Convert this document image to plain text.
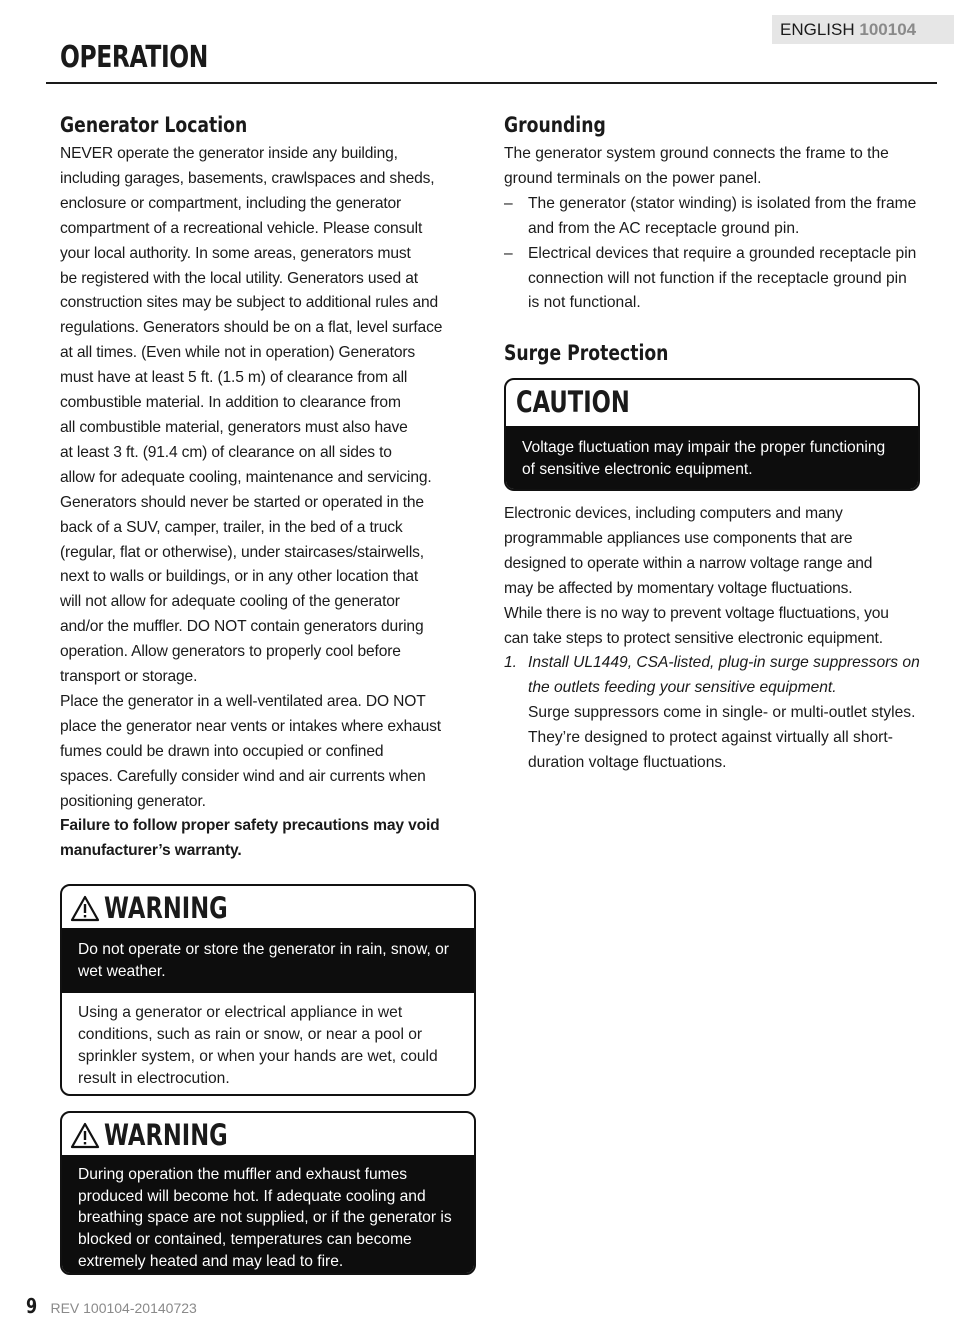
ENGLISH 100104
OPERATION
Generator Location

NEVER operate the generator inside any building,

including garages, basements, crawlspaces and sheds,

enclosure or compartment, including the generator

compartment of a recreational vehicle. Please consult

your local authority. In some areas, generators must

be registered with the local utility. Generators used at

construction sites may be subject to additional rules and

regulations. Generators should be on a flat, level surface

at all times. (Even while not in operation) Generators

must have at least 5 ft. (1.5 m) of clearance from all

combustible material. In addition to clearance from

all combustible material, generators must also have

at least 3 ft. (91.4 cm) of clearance on all sides to

allow for adequate cooling, maintenance and servicing.

Generators should never be started or operated in the

back of a SUV, camper, trailer, in the bed of a truck

(regular, flat or otherwise), under staircases/stairwells,

next to walls or buildings, or in any other location that

will not allow for adequate cooling of the generator

and/or the muffler. DO NOT contain generators during

operation. Allow generators to properly cool before

transport or storage.

Place the generator in a well-ventilated area. DO NOT

place the generator near vents or intakes where exhaust

fumes could be drawn into occupied or confined

spaces. Carefully consider wind and air currents when

positioning generator.

Failure to follow proper safety precautions may void

manufacturer’s warranty.

WARNING
Do not operate or store the generator in rain, snow, or wet weather.
Using a generator or electrical appliance in wet conditions, such as rain or snow, or near a pool or sprinkler system, or when your hands are wet, could result in electrocution.
WARNING
During operation the muffler and exhaust fumes produced will become hot. If adequate cooling and breathing space are not supplied, or if the generator is blocked or contained, temperatures can become extremely heated and may lead to fire.
Grounding

The generator system ground connects the frame to the ground terminals on the power panel.

– The generator (stator winding) is isolated from the frame and from the AC receptacle ground pin.
– Electrical devices that require a grounded receptacle pin connection will not function if the receptacle ground pin is not functional.
Surge Protection
CAUTION
Voltage fluctuation may impair the proper functioning of sensitive electronic equipment.

Electronic devices, including computers and many

programmable appliances use components that are

designed to operate within a narrow voltage range and

may be affected by momentary voltage fluctuations.

While there is no way to prevent voltage fluctuations, you

can take steps to protect sensitive electronic equipment.

1. Install UL1449, CSA-listed, plug-in surge suppressors on the outlets feeding your sensitive equipment.
Surge suppressors come in single- or multi-outlet styles. They’re designed to protect against virtually all short-duration voltage fluctuations.
9 REV 100104-20140723
